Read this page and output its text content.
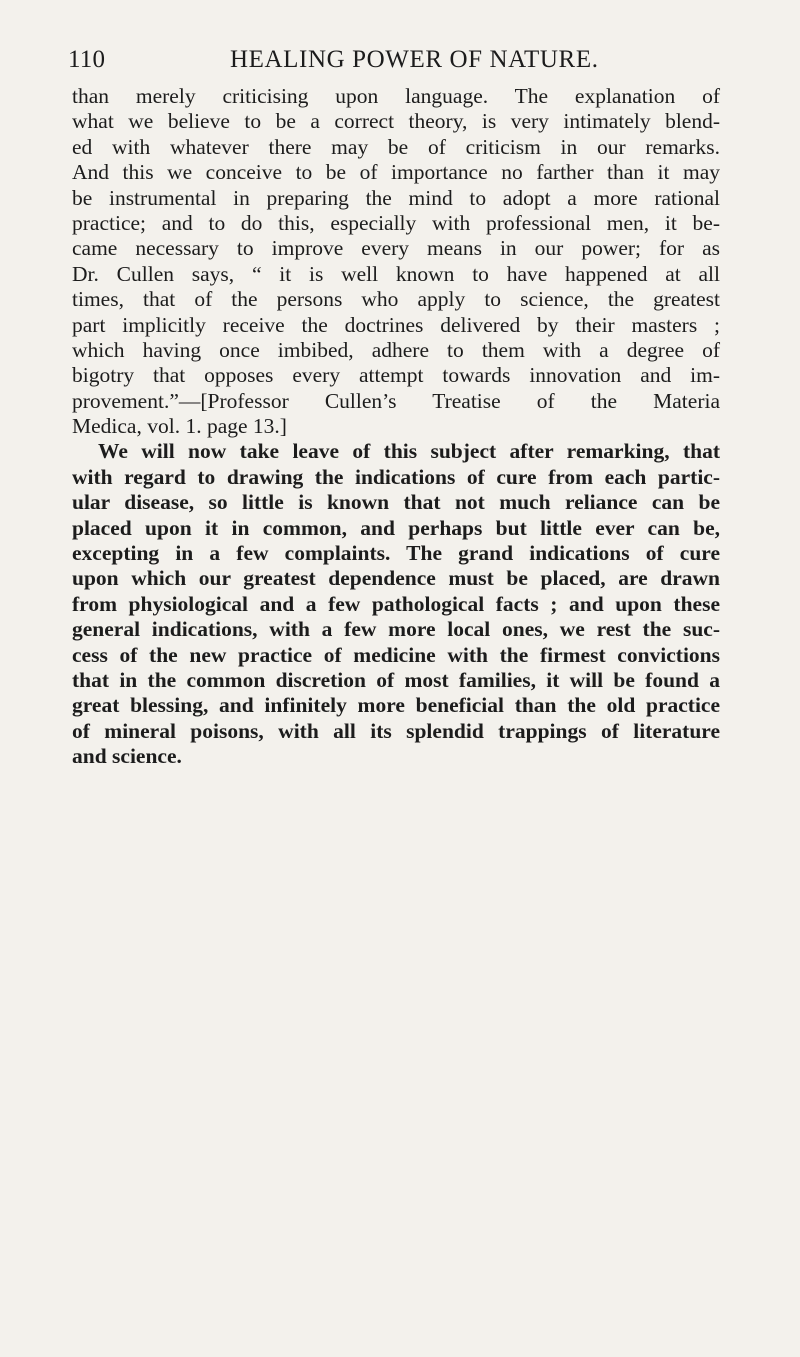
110	HEALING POWER OF NATURE.
than merely criticising upon language. The explanation of
what we believe to be a correct theory, is very intimately blend-
ed with whatever there may be of criticism in our remarks.
And this we conceive to be of importance no farther than it may
be instrumental in preparing the mind to adopt a more rational
practice; and to do this, especially with professional men, it be-
came necessary to improve every means in our power; for as
Dr. Cullen says, “ it is well known to have happened at all
times, that of the persons who apply to science, the greatest
part implicitly receive the doctrines delivered by their masters ;
which having once imbibed, adhere to them with a degree of
bigotry that opposes every attempt towards innovation and im-
provement.”—[Professor Cullen’s Treatise of the Materia
Medica, vol. 1. page 13.]
We will now take leave of this subject after remarking, that
with regard to drawing the indications of cure from each partic-
ular disease, so little is known that not much reliance can be
placed upon it in common, and perhaps but little ever can be,
excepting in a few complaints. The grand indications of cure
upon which our greatest dependence must be placed, are drawn
from physiological and a few pathological facts ; and upon these
general indications, with a few more local ones, we rest the suc-
cess of the new practice of medicine with the firmest convictions
that in the common discretion of most families, it will be found a
great blessing, and infinitely more beneficial than the old practice
of mineral poisons, with all its splendid trappings of literature
and science.
